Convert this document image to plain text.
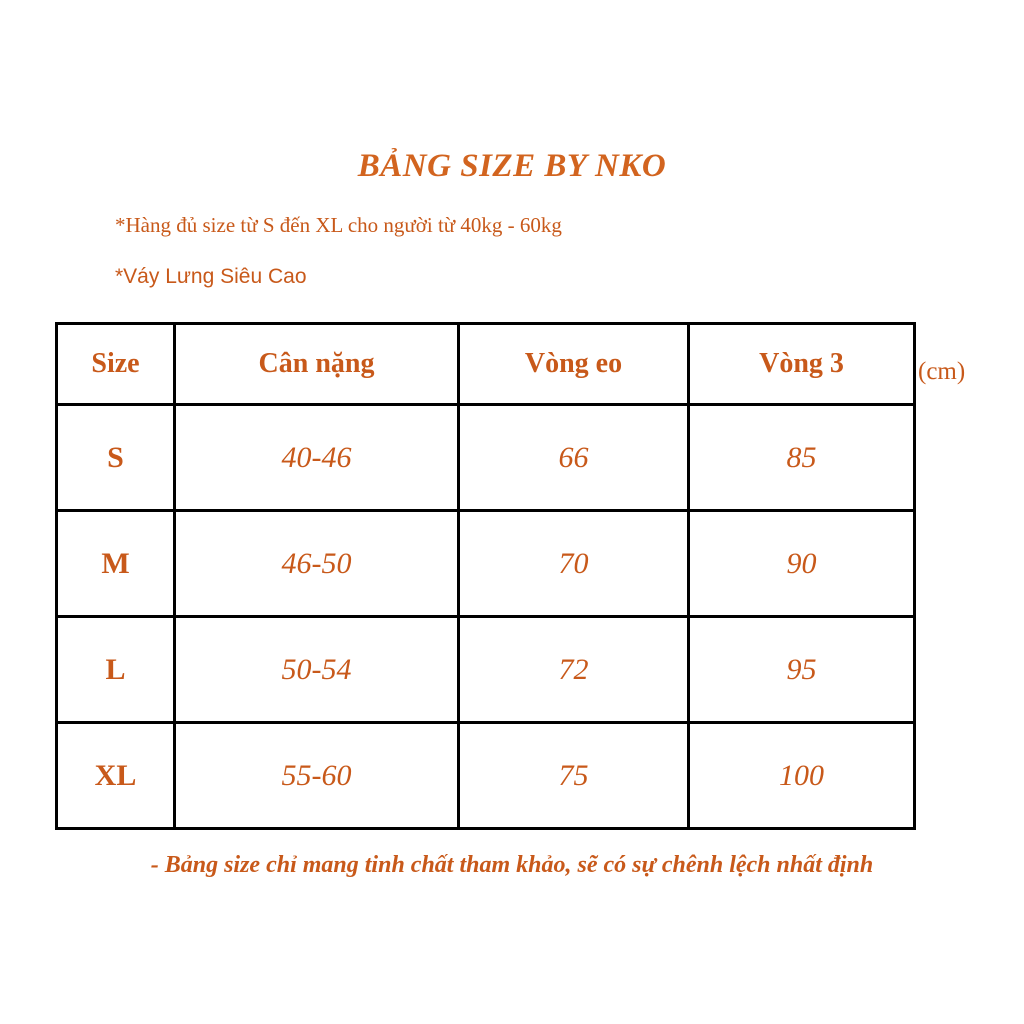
BẢNG SIZE BY NKO
*Hàng đủ size từ S đến XL cho người từ 40kg - 60kg
*Váy Lưng Siêu Cao
Size	Cân nặng	Vòng eo	Vòng 3
S	40-46	66	85
M	46-50	70	90
L	50-54	72	95
XL	55-60	75	100
(cm)
- Bảng size chỉ mang tinh chất tham khảo, sẽ có sự chênh lệch nhất định
